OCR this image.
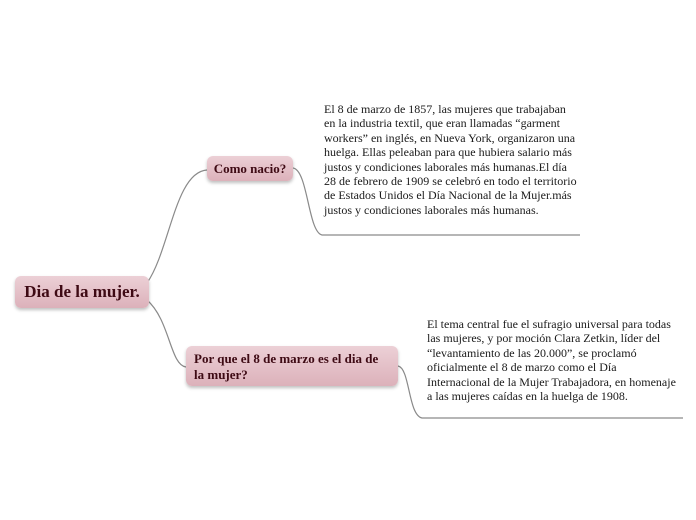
Dia de la mujer.
Como nacio?
Por que el 8 de marzo es el dia de la mujer?
El 8 de marzo de 1857, las mujeres que trabajaban en la industria textil, que eran llamadas “garment workers” en inglés, en Nueva York, organizaron una huelga. Ellas peleaban para que hubiera salario más justos y condiciones laborales más humanas.El día 28 de febrero de 1909 se celebró en todo el territorio de Estados Unidos el Día Nacional de la Mujer.más justos y condiciones laborales más humanas.
El tema central fue el sufragio universal para todas las mujeres, y por moción Clara Zetkin, líder del “levantamiento de las 20.000”, se proclamó oficialmente el 8 de marzo como el Día Internacional de la Mujer Trabajadora, en homenaje a las mujeres caídas en la huelga de 1908.
